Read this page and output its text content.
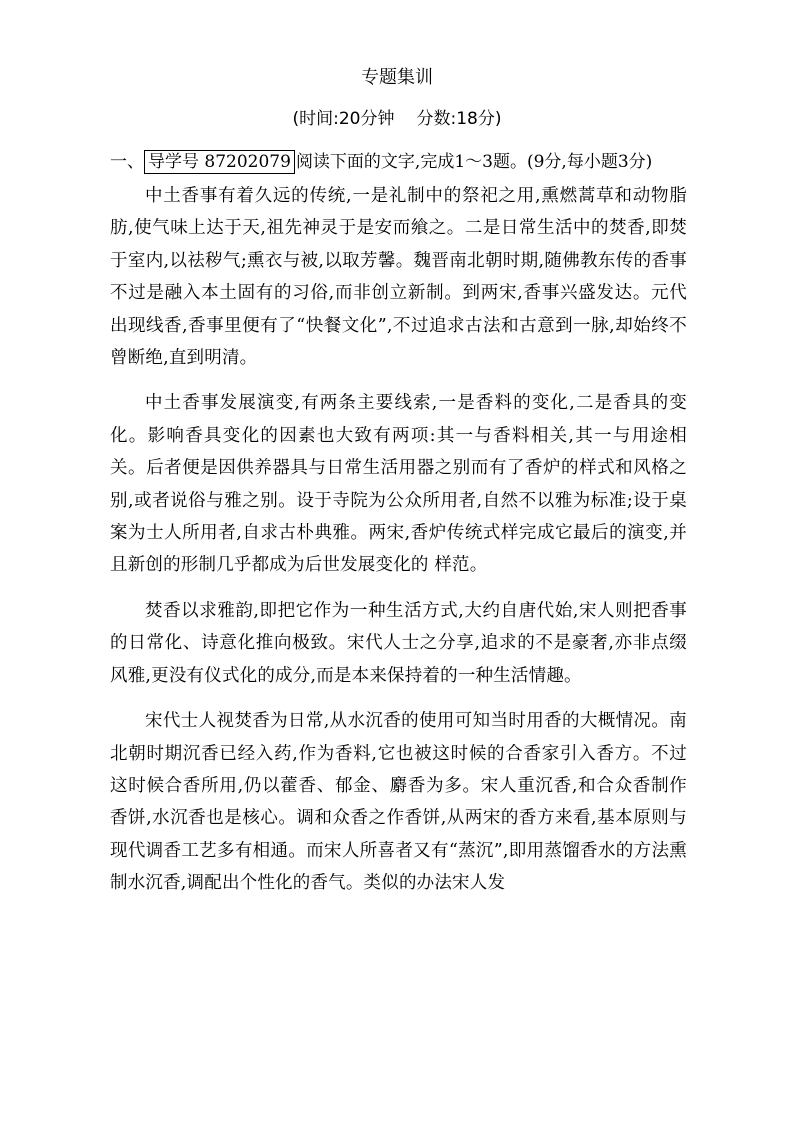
专题集训
(时间:20分钟 分数:18分)
一、 导学号 87202079 阅读下面的文字,完成1～3题。(9分,每小题3分)

中土香事有着久远的传统,一是礼制中的祭祀之用,熏燃蒿草和动物脂肪,使气味上达于天,祖先神灵于是安而飨之。二是日常生活中的焚香,即焚于室内,以祛秽气;熏衣与被,以取芳馨。魏晋南北朝时期,随佛教东传的香事不过是融入本土固有的习俗,而非创立新制。到两宋,香事兴盛发达。元代出现线香,香事里便有了“快餐文化”,不过追求古法和古意到一脉,却始终不曾断绝,直到明清。

中土香事发展演变,有两条主要线索,一是香料的变化,二是香具的变化。影响香具变化的因素也大致有两项:其一与香料相关,其一与用途相关。后者便是因供养器具与日常生活用器之别而有了香炉的样式和风格之别,或者说俗与雅之别。设于寺院为公众所用者,自然不以雅为标准;设于桌案为士人所用者,自求古朴典雅。两宋,香炉传统式样完成它最后的演变,并且新创的形制几乎都成为后世发展变化的 样范。

焚香以求雅韵,即把它作为一种生活方式,大约自唐代始,宋人则把香事的日常化、诗意化推向极致。宋代人士之分享,追求的不是豪奢,亦非点缀风雅,更没有仪式化的成分,而是本来保持着的一种生活情趣。

宋代士人视焚香为日常,从水沉香的使用可知当时用香的大概情况。南北朝时期沉香已经入药,作为香料,它也被这时候的合香家引入香方。不过这时候合香所用,仍以藿香、郁金、麝香为多。宋人重沉香,和合众香制作香饼,水沉香也是核心。调和众香之作香饼,从两宋的香方来看,基本原则与现代调香工艺多有相通。而宋人所喜者又有“蒸沉”,即用蒸馏香水的方法熏制水沉香,调配出个性化的香气。类似的办法宋人发
